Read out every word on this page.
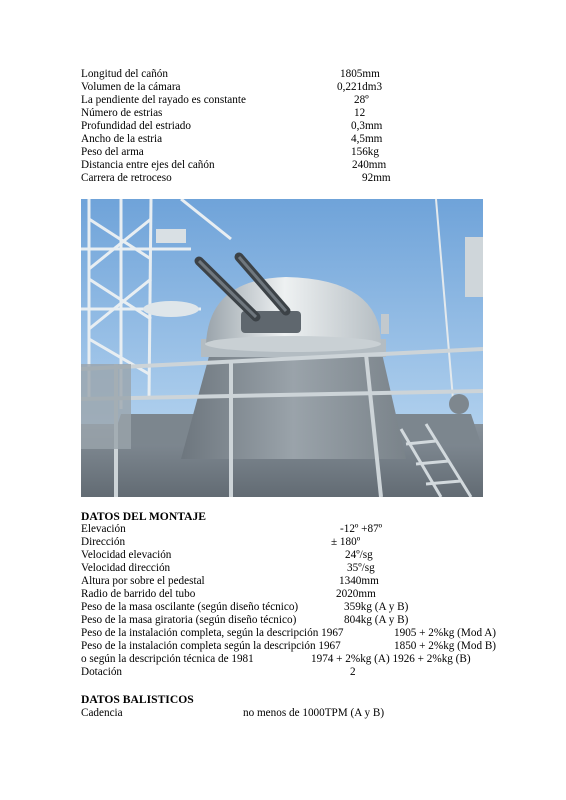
Longitud del cañón	1805mm
Volumen de la cámara	0,221dm3
La pendiente del rayado es constante	28º
Número de estrias	12
Profundidad del estriado	0,3mm
Ancho de la estria	4,5mm
Peso del arma	156kg
Distancia entre ejes del cañón	240mm
Carrera de retroceso	92mm
DATOS DEL MONTAJE
Elevación	-12º +87º
Dirección	± 180º
Velocidad elevación	24º/sg
Velocidad dirección	35º/sg
Altura por sobre el pedestal	1340mm
Radio de barrido del tubo	2020mm
Peso de la masa oscilante (según diseño técnico)	359kg (A y B)
Peso de la masa giratoria (según diseño técnico)	804kg (A y B)
Peso de la instalación completa, según la descripción 1967	1905 + 2%kg (Mod A)
Peso de la instalación completa según la descripción 1967	1850 + 2%kg (Mod B)
o según la descripción técnica de 1981	1974 + 2%kg (A) 1926 + 2%kg (B)
Dotación	2
DATOS BALISTICOS
Cadencia	no menos de 1000TPM (A y B)
